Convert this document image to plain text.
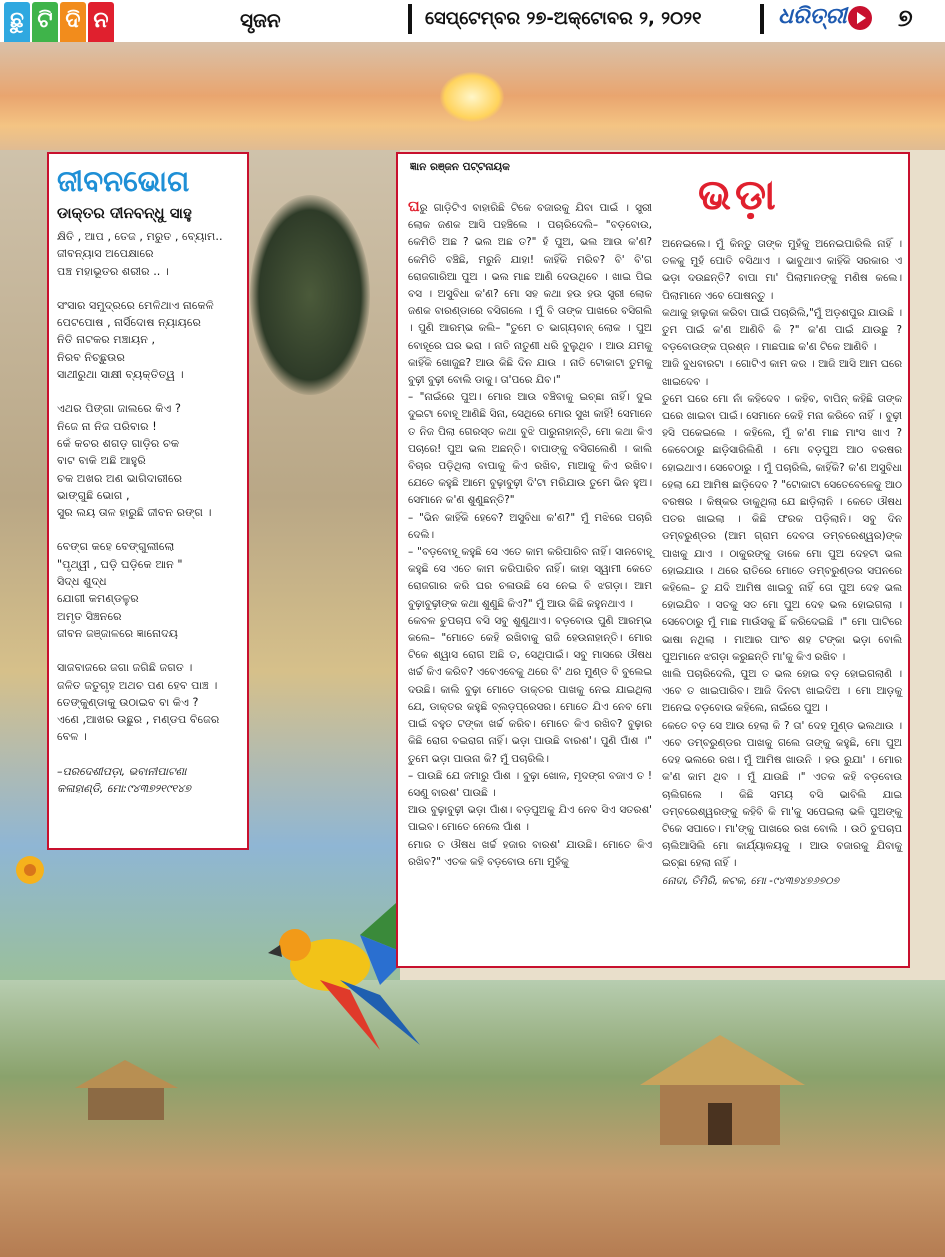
ଛୁ ଟି ଦି ନ	ସୃଜନ	ସେପ୍ଟେମ୍ବର ୨୭-ଅକ୍ଟୋବର ୨, ୨୦୨୧	ଧରିତ୍ରୀ ୭
ଜୀବନଭୋଗ
ଡାକ୍ତର ଦୀନବନ୍ଧୁ ସାହୁ
କ୍ଷିତି , ଆପ , ତେଜ , ମରୁତ , ବ୍ୟୋମ..
ଜୀବନ୍ୟାସ ଅପେକ୍ଷାରେ
ପଞ୍ଚ ମହାଭୂତର ଶରୀର .. ।
ସଂସାର ସମୁଦ୍ରରେ ମେଳିଥାଏ ନାକେଳି
ପେଟପୋଷ , ନାର୍ସିଦୋଷ ନ୍ୟାୟରେ
ନିତି ନାଟକର ମଞ୍ଚାୟନ ,
ନିରବ ନିଚ୍ଛୁଉର
ସାଥୀରୁଥା ସାକ୍ଷୀ ବ୍ୟକ୍ତିତ୍ୱ ।
ଏଥର ପିଙ୍ଗା ଜାଲରେ କିଏ ?
ନିଜେ ନା ନିଜ ପରିବାର !
କେଁ କଚର ଶଗଡ଼ ଗାଡ଼ିର ଚକ
ବାଟ ବାକି ଅଛି ଆହୁରି
ଚକ ଅଖର ଅଣ ଭାଗିଦାରୀରେ
ଭାଙ୍ଗୁଛି ଭୋଗ ,
ସୁର ଲୟ ତାଳ ହାରୁଛି ଜୀବନ ରଙ୍ଗ ।
ବେଙ୍ଗ କହେ ବେଙ୍ଗୁଲୀଲୋ
"ପୃଥ୍ୱୀ , ଘଡ଼ି ଘଡ଼ିକେ ଆନ "
ସିଦ୍ଧ ଶୁଦ୍ଧ
ଯୋଗୀ କମଣ୍ଡଳୁର
ଅମୃତ ସିଞ୍ଚନରେ
ଜୀବନ ଜଞ୍ଜାଳରେ ଜ୍ଞାନୋଦୟ
ସାଜବାଜରେ ଜଗା ଜଗିଛି ଜଗତ ।
ଜଳିତ ଜତୁଗୃହ ଅଥଚ ପଣ ହେବ ପାଞ୍ଚ ।
ତେଙ୍କୁଣ୍ଡାକୁ ଉଠାଇବ ବା କିଏ ?
ଏଣେ ,ଆଖର ଉଛୁର , ମଣ୍ଡପ ବିଜେର
ବେଳ ।
–ପରଦେଶୀପଡ଼ା, ଭବାନୀପାଟଣା
କଳାହାଣ୍ଡି, ମୋ:୯୪୩୭୨୧୯୧୪୭
ଜ୍ଞାନ ରଞ୍ଜନ ପଟ୍ଟନାୟକ
ଭଡ଼ା

ଘରୁ ଗାଡ଼ିଟିଏ ବାହାରିଛି ଟିକେ ବଜାରକୁ ଯିବା ପାଇଁ । ସ୍ତ୍ରୀ ଲୋକ ଜଣକ ଆସି ପହଞ୍ଚିଲେ । ପଚାରିଦେଲି– "ବଡ଼ବୋଉ, କେମିତି ଅଛ ? ଭଲ ଅଛ ତ?" ହଁ ପୁଅ, ଭଲ ଆଉ କ'ଣ? କେମିତି ବଞ୍ଚିଛି, ମରୁନି ଯାହା! କାହିଁକି ମରିବ? ବି' ବି'ଗ ରୋଜଗାରିଆ ପୁଅ । ଭଲ ମାଛ ଆଣି ଦେଉଥିବେ । ଖାଇ ପିଇ ବସ । ଅସୁବିଧା କ'ଣ? ମୋ ସହ କଥା ହଉ ହଉ ସ୍ତ୍ରୀ ଲୋକ ଜଣକ ବାରଣ୍ଡାରେ ବସିଗଲେ । ମୁଁ ବି ତାଙ୍କ ପାଖରେ ବସିଗଲି । ପୁଣି ଆରମ୍ଭ କଲି– "ତୁମେ ତ ଭାଗ୍ୟବାନ୍ ଲୋକ । ପୁଅ ବୋହୂରେ ଘର ଭରା । ନାତି ନାତୁଣୀ ଧରି ବୁଲୁଥିବ । ଆଉ ଯମକୁ କାହିଁକି ଖୋଜୁଛ? ଆଉ କିଛି ଦିନ ଯାଉ । ନାତି ଟୋକାଟା ତୁମକୁ ବୁଢ଼ୀ ବୁଢ଼ୀ ବୋଲି ଡାକୁ। ତା'ପରେ ଯିବ।"

– "ନାଇଁରେ ପୁଅ। ମୋର ଆଉ ବଞ୍ଚିବାକୁ ଇଚ୍ଛା ନାହିଁ। ଦୁଇ ଦୁଇଟା ବୋହୂ ଆଣିଛି ସିନା, ସେଥିରେ ମୋର ସୁଖ କାହିଁ! ସେମାନେ ତ ନିଜ ପିଲା ଗେରସ୍ତ କଥା ବୁଝି ପାରୁନାହାନ୍ତି, ମୋ କଥା କିଏ ପଚାରେ! ପୁଅ ଭଲ ଅଛନ୍ତି। ବାପାଙ୍କୁ ବସିଗଲେଣି । କାଲି ବିଚାର ପଡ଼ିଥିଲା ବାପାକୁ କିଏ ରଖିବ, ମାଆକୁ କିଏ ରଖିବ। ଯେତେ କହୁଛି ଆମେ ବୁଢ଼ାବୁଢ଼ୀ ଦି'ଟା ମରିଯାଉ ତୁମେ ଭିନ ହୁଅ। ସେମାନେ କ'ଣ ଶୁଣୁଛନ୍ତି?"

– "ଭିନ କାହିଁକି ହେବେ? ଅସୁବିଧା କ'ଣ?" ମୁଁ ମଝିରେ ପଚାରି ଦେଲି।

– "ବଡ଼ବୋହୂ କହୁଛି ସେ ଏତେ କାମ କରିପାରିବ ନାହିଁ। ସାନବୋହୂ କହୁଛି ସେ ଏତେ କାମ କରିପାରିବ ନାହିଁ। କାହା ସ୍ୱାମୀ କେତେ ରୋଜଗାର କରି ଘର ଚଳାଉଛି ସେ ନେଇ ବି ଝଗଡ଼ା। ଆମ ବୁଢ଼ାବୁଢ଼ୀଙ୍କ କଥା ଶୁଣୁଛି କିଏ?" ମୁଁ ଆଉ କିଛି କହୁନଥାଏ ।

କେବଳ ଚୁପଚାପ ବସି ସବୁ ଶୁଣୁଥାଏ। ବଡ଼ବୋଉ ପୁଣି ଆରମ୍ଭ କଲେ– "ମୋତେ କେହି ରଖିବାକୁ ରାଜି ହେଉନାହାନ୍ତି। ମୋର ଟିକେ ଶ୍ୱାସ ରୋଗ ଅଛି ତ, ସେଥିପାଇଁ। ସବୁ ମାସରେ ଔଷଧ ଖର୍ଚ୍ଚ କିଏ କରିବ? ଏବେଏବେକୁ ଥରେ ବି' ଥର ମୁଣ୍ଡ ବି ବୁଲେଇ ଦଉଛି। କାଲି ବୁଢ଼ା ମୋତେ ଡାକ୍ତର ପାଖକୁ ନେଇ ଯାଇଥିଲା ଯେ, ଡାକ୍ତର କହୁଛି ବ୍ଲଡ଼ପ୍ରେସର। ମୋତେ ଯିଏ ନେବ ମୋ ପାଇଁ ବହୁତ ଟଙ୍କା ଖର୍ଚ୍ଚ କରିବ। ମୋତେ କିଏ ରଖିବ? ବୁଢ଼ାର କିଛି ରୋଗ ବଇରାଗ ନାହିଁ। ଭଡ଼ା ପାଉଛି ବାରଶ'। ପୁଣି ପାଁଶ ।" ତୁମେ ଭଡ଼ା ପାଉନା କି? ମୁଁ ପଚାରିଲି।

– ପାଉଛି ଯେ ଜମାରୁ ପାଁଶ । ବୁଢ଼ା ଖୋଳ, ମୃଦଙ୍ଗ ବଜାଏ ତ ! ସେଣୁ ବାରଶ' ପାଉଛି ।

ଆଉ ବୁଢ଼ାବୁଢ଼ୀ ଭଡ଼ା ପାଁଶ। ବଡ଼ପୁଅକୁ ଯିଏ ନେବ ସିଏ ସତରଶ' ପାଇବ। ମୋତେ ନେଲେ ପାଁଶ ।

ମୋର ତ ଔଷଧ ଖର୍ଚ୍ଚ ହଜାର ବାରଶ' ଯାଉଛି। ମୋତେ କିଏ ରଖିବ?" ଏତକ କହି ବଡ଼ବୋଉ ମୋ ମୁହଁକୁ

ଅନେଇଲେ। ମୁଁ କିନ୍ତୁ ତାଙ୍କ ମୁହଁକୁ ଅନେଇପାରିଲି ନାହିଁ । ତଳକୁ ମୁହଁ ପୋତି ବସିଥାଏ । ଭାବୁଥାଏ କାହିଁକି ସରକାର ଏ ଭଡ଼ା ଦଉଛନ୍ତି? ବାପା ମା' ପିଲାମାନଙ୍କୁ ମଣିଷ କଲେ। ପିଲାମାନେ ଏବେ ପୋଷନ୍ତୁ ।

କଥାକୁ ହାଲୁକା କରିବା ପାଇଁ ପଚାରିଲି,"ମୁଁ ଅଡ଼ଶପୁର ଯାଉଛି । ତୁମ ପାଇଁ କ'ଣ ଆଣିବି କି ?" କ'ଣ ପାଇଁ ଯାଉଛୁ ? ବଡ଼ବୋଉଙ୍କ ପ୍ରଶ୍ନ । ମାଛପାଛ କ'ଣ ଟିକେ ଆଣିବି ।

ଆଜି ବୁଧବାରଟା । ଗୋଟିଏ କାମ କର । ଆଜି ଆସି ଆମ ଘରେ ଖାଇଦେବ ।

ତୁମେ ଘରେ ମୋ ନାଁ କହିଦେବ । କହିବ, ବାପିନ୍ କହିଛି ତାଙ୍କ ଘରେ ଖାଇବା ପାଇଁ। ସେମାନେ କେହି ମନା କରିବେ ନାହିଁ । ବୁଢ଼ୀ ହସି ପକେଇଲେ । କହିଲେ, ମୁଁ କ'ଣ ମାଛ ମାଂସ ଖାଏ ? କେବେଠାରୁ ଛାଡ଼ିସାରିଲିଣି । ମୋ ବଡ଼ପୁଅ ଆଠ ବରଷର ହୋଇଥାଏ। ସେବେଠାରୁ । ମୁଁ ପଚାରିଲି, କାହିଁକି? କ'ଣ ଅସୁବିଧା ହେଲା ଯେ ଆମିଷ ଛାଡ଼ିଦେବ ? "ଟୋକାଟା ସେତେବେଳେକୁ ଆଠ ବରଷର । କିଷ୍କର ଡାକୁଥିଲା ଯେ ଛାଡ଼ିଲାନି । କେତେ ଔଷଧ ପତର ଖାଇଲା । କିଛି ଫରକ ପଡ଼ିଲାନି। ସବୁ ଦିନ ଡମ୍ବରୁଣ୍ଡର (ଆମ ଗ୍ରାମ ଦେବତା ଡମ୍ବରେଶ୍ୱର)ଙ୍କ ପାଖକୁ ଯାଏ । ଠାକୁରଙ୍କୁ ଡାକେ ମୋ ପୁଅ ଦେହଟା ଭଲ ହୋଇଯାଉ । ଥରେ ରାତିରେ ମୋତେ ଡମ୍ବରୁଣ୍ଡର ସପନରେ କହିଲେ– ତୁ ଯଦି ଆମିଷ ଖାଇବୁ ନାହିଁ ତୋ ପୁଅ ଦେହ ଭଲ ହୋଇଯିବ । ସତକୁ ସତ ମୋ ପୁଅ ଦେହ ଭଲ ହୋଇଗଲା । ସେବେଠାରୁ ମୁଁ ମାଛ ମାଉଁସକୁ ଛିଁ କରିଦେଇଛି ।" ମୋ ପାଟିରେ ଭାଷା ନଥିଲା । ମାଆର ପାଂଚ ଶହ ଟଙ୍କା ଭଡ଼ା ବୋଲି ପୁଅମାନେ ଝଗଡ଼ା କରୁଛନ୍ତି ମା'କୁ କିଏ ରଖିବ ।

ଖାଲି ପଚାରିଦେଲି, ପୁଅ ତ ଭଲ ହୋଇ ବଡ଼ ହୋଇଗଲାଣି । ଏବେ ତ ଖାଇପାରିବ। ଆଜି ଦିନଟା ଖାଇଦିଅ । ମୋ ଆଡ଼କୁ ଅନେଇ ବଡ଼ବୋଉ କହିଲେ, ନାଇଁରେ ପୁଅ ।

କେତେ ବଡ଼ ସେ ଆଉ ହେଲା କି ? ତା' ଦେହ ମୁଣ୍ଡ ଭଲଥାଉ । ଏବେ ଡମ୍ବରୁଣ୍ଡର ପାଖକୁ ଗଲେ ତାଙ୍କୁ କହୁଛି, ମୋ ପୁଅ ଦେହ ଭଲରେ ରଖ। ମୁଁ ଆମିଷ ଖାଉନି । ହଉ ରୁଯା' । ମୋର କ'ଣ କାମ ଥିବ । ମୁଁ ଯାଉଛି ।" ଏତକ କହି ବଡ଼ବୋଉ ଚାଲିଗଲେ । କିଛି ସମୟ ବସି ଭାବିଲି ଯାଇ ଡମ୍ବରେଶ୍ୱରଙ୍କୁ କହିବି କି ମା'କୁ ସପେଇଲା ଭଳି ପୁଅଙ୍କୁ ଟିକେ ସପାତେ। ମା'ଙ୍କୁ ପାଖରେ ରଖ ବୋଲି । ଉଠି ଚୁପଚାପ ଚାଲିଆସିଲି ମୋ କାର୍ଯ୍ୟାଳୟକୁ । ଆଉ ବଜାରକୁ ଯିବାକୁ ଇଚ୍ଛା ହେଲା ନାହିଁ ।

ନୋଦା, ତିମିରି, କଟକ, ମୋ -୯୪୩୭୪୭୬୭୦୭
